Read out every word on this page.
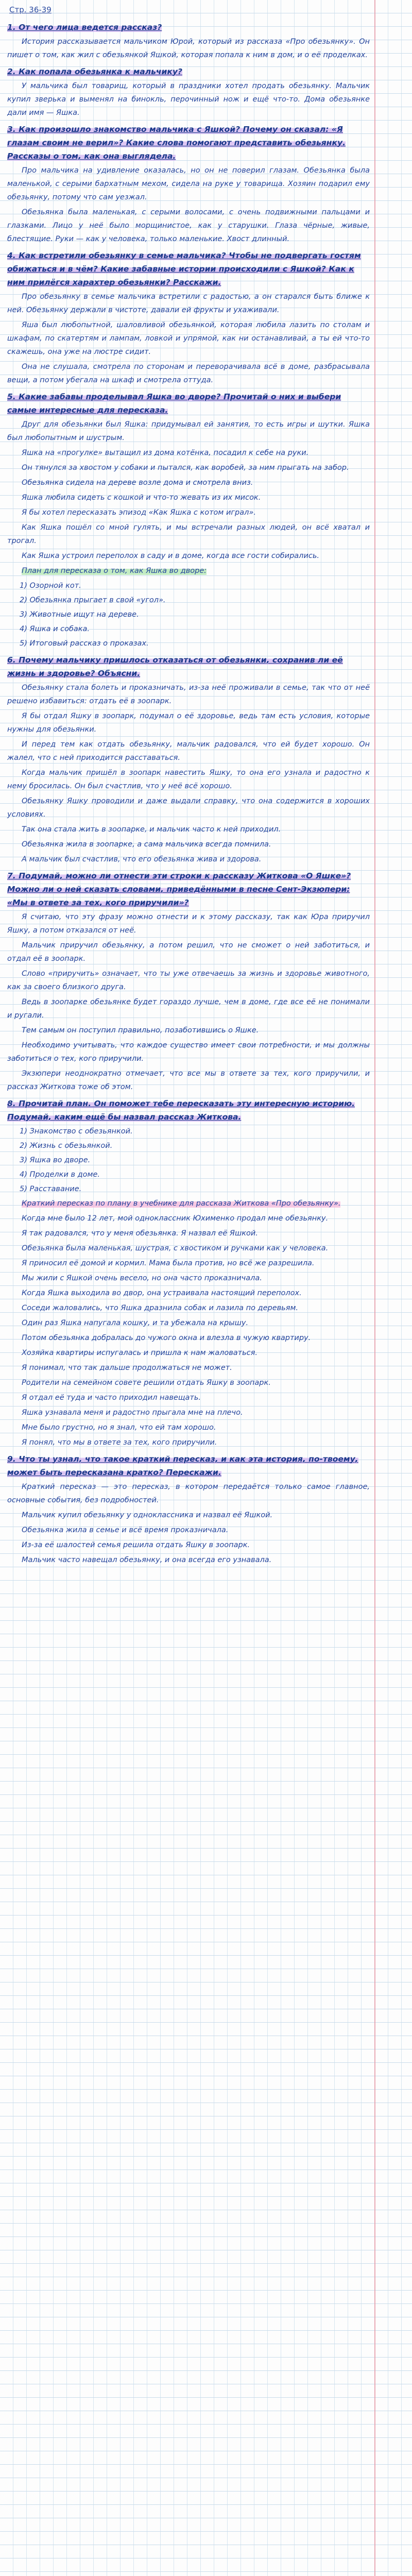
Стр. 36-39
1. От чего лица ведется рассказ?
История рассказывается мальчиком Юрой, который из рассказа «Про обезьянку». Он пишет о том, как жил с обезьянкой Яшкой, которая попала к ним в дом, и о её проделках.
2. Как попала обезьянка к мальчику?
У мальчика был товарищ, который в праздники хотел продать обезьянку. Мальчик купил зверька и выменял на бинокль, перочинный нож и ещё что-то. Дома обезьянке дали имя — Яшка.
3. Как произошло знакомство мальчика с Яшкой? Почему он сказал: «Я глазам своим не верил»? Какие слова помогают представить обезьянку. Рассказы о том, как она выглядела.
Про мальчика на удивление оказалась, но он не поверил глазам. Обезьянка была маленькой, с серыми бархатным мехом, сидела на руке у товарища. Хозяин подарил ему обезьянку, потому что сам уезжал.
Обезьянка была маленькая, с серыми волосами, с очень подвижными пальцами и глазками. Лицо у неё было морщинистое, как у старушки. Глаза чёрные, живые, блестящие. Руки — как у человека, только маленькие. Хвост длинный.
4. Как встретили обезьянку в семье мальчика? Чтобы не подвергать гостям обижаться и в чём? Какие забавные истории происходили с Яшкой? Как к ним прилёгся харахтер обезьянки? Расскажи.
Про обезьянку в семье мальчика встретили с радостью, а он старался быть ближе к ней. Обезьянку держали в чистоте, давали ей фрукты и ухаживали.
Яша был любопытной, шаловливой обезьянкой, которая любила лазить по столам и шкафам, по скатертям и лампам, ловкой и упрямой, как ни останавливай, а ты ей что-то скажешь, она уже на люстре сидит.
Она не слушала, смотрела по сторонам и переворачивала всё в доме, разбрасывала вещи, а потом убегала на шкаф и смотрела оттуда.
5. Какие забавы проделывал Яшка во дворе? Прочитай о них и выбери самые интересные для пересказа.
Друг для обезьянки был Яшка: придумывал ей занятия, то есть игры и шутки. Яшка был любопытным и шустрым.
Яшка на «прогулке» вытащил из дома котёнка, посадил к себе на руки.
Он тянулся за хвостом у собаки и пытался, как воробей, за ним прыгать на забор.
Обезьянка сидела на дереве возле дома и смотрела вниз.
Яшка любила сидеть с кошкой и что-то жевать из их мисок.
Я бы хотел пересказать эпизод «Как Яшка с котом играл».
Как Яшка пошёл со мной гулять, и мы встречали разных людей, он всё хватал и трогал.
Как Яшка устроил переполох в саду и в доме, когда все гости собирались.
План для пересказа о том, как Яшка во дворе:
1) Озорной кот.
2) Обезьянка прыгает в свой «угол».
3) Животные ищут на дереве.
4) Яшка и собака.
5) Итоговый рассказ о проказах.
6. Почему мальчику пришлось отказаться от обезьянки, сохранив ли её жизнь и здоровье? Объясни.
Обезьянку стала болеть и проказничать, из-за неё проживали в семье, так что от неё решено избавиться: отдать её в зоопарк.
Я бы отдал Яшку в зоопарк, подумал о её здоровье, ведь там есть условия, которые нужны для обезьянки.
И перед тем как отдать обезьянку, мальчик радовался, что ей будет хорошо. Он жалел, что с ней приходится расставаться.
Когда мальчик пришёл в зоопарк навестить Яшку, то она его узнала и радостно к нему бросилась. Он был счастлив, что у неё всё хорошо.
Обезьянку Яшку проводили и даже выдали справку, что она содержится в хороших условиях.
Так она стала жить в зоопарке, и мальчик часто к ней приходил.
Обезьянка жила в зоопарке, а сама мальчика всегда помнила.
А мальчик был счастлив, что его обезьянка жива и здорова.
7. Подумай, можно ли отнести эти строки к рассказу Житкова «О Яшке»? Можно ли о ней сказать словами, приведёнными в песне Сент-Экзюпери: «Мы в ответе за тех, кого приручили»?
Я считаю, что эту фразу можно отнести и к этому рассказу, так как Юра приручил Яшку, а потом отказался от неё.
Мальчик приручил обезьянку, а потом решил, что не сможет о ней заботиться, и отдал её в зоопарк.
Слово «приручить» означает, что ты уже отвечаешь за жизнь и здоровье животного, как за своего близкого друга.
Ведь в зоопарке обезьянке будет гораздо лучше, чем в доме, где все её не понимали и ругали.
Тем самым он поступил правильно, позаботившись о Яшке.
Необходимо учитывать, что каждое существо имеет свои потребности, и мы должны заботиться о тех, кого приручили.
Экзюпери неоднократно отмечает, что все мы в ответе за тех, кого приручили, и рассказ Житкова тоже об этом.
8. Прочитай план. Он поможет тебе пересказать эту интересную историю. Подумай, каким ещё бы назвал рассказ Житкова.
1) Знакомство с обезьянкой.
2) Жизнь с обезьянкой.
3) Яшка во дворе.
4) Проделки в доме.
5) Расставание.
Краткий пересказ по плану в учебнике для рассказа Житкова «Про обезьянку».
Когда мне было 12 лет, мой одноклассник Юхименко продал мне обезьянку.
Я так радовался, что у меня обезьянка. Я назвал её Яшкой.
Обезьянка была маленькая, шустрая, с хвостиком и ручками как у человека.
Я приносил её домой и кормил. Мама была против, но всё же разрешила.
Мы жили с Яшкой очень весело, но она часто проказничала.
Когда Яшка выходила во двор, она устраивала настоящий переполох.
Соседи жаловались, что Яшка дразнила собак и лазила по деревьям.
Один раз Яшка напугала кошку, и та убежала на крышу.
Потом обезьянка добралась до чужого окна и влезла в чужую квартиру.
Хозяйка квартиры испугалась и пришла к нам жаловаться.
Я понимал, что так дальше продолжаться не может.
Родители на семейном совете решили отдать Яшку в зоопарк.
Я отдал её туда и часто приходил навещать.
Яшка узнавала меня и радостно прыгала мне на плечо.
Мне было грустно, но я знал, что ей там хорошо.
Я понял, что мы в ответе за тех, кого приручили.
9. Что ты узнал, что такое краткий пересказ, и как эта история, по-твоему, может быть пересказана кратко? Перескажи.
Краткий пересказ — это пересказ, в котором передаётся только самое главное, основные события, без подробностей.
Мальчик купил обезьянку у одноклассника и назвал её Яшкой.
Обезьянка жила в семье и всё время проказничала.
Из-за её шалостей семья решила отдать Яшку в зоопарк.
Мальчик часто навещал обезьянку, и она всегда его узнавала.
